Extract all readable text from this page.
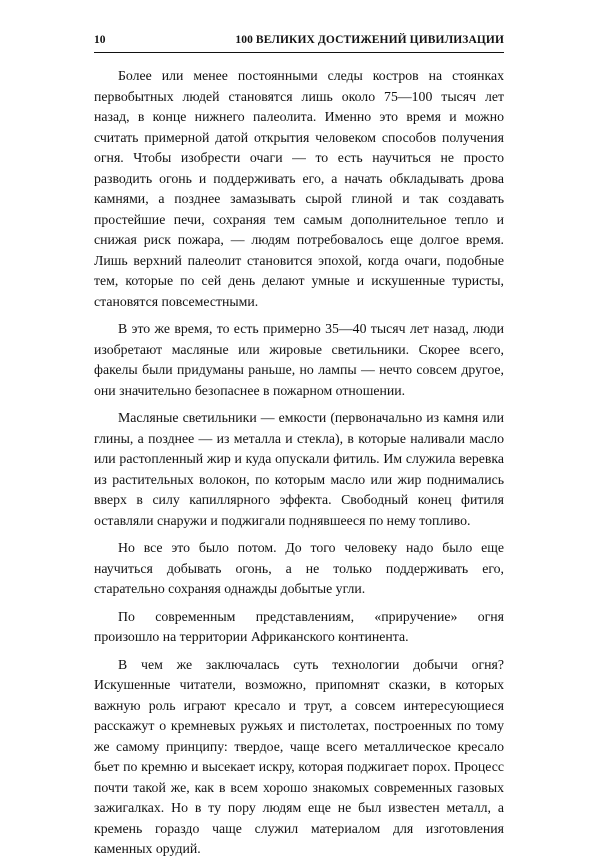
10	100 ВЕЛИКИХ ДОСТИЖЕНИЙ ЦИВИЛИЗАЦИИ

Более или менее постоянными следы костров на стоянках первобытных людей становятся лишь около 75—100 тысяч лет назад, в конце нижнего палеолита. Именно это время и можно считать примерной датой открытия человеком способов получения огня. Чтобы изобрести очаги — то есть научиться не просто разводить огонь и поддерживать его, а начать обкладывать дрова камнями, а позднее замазывать сырой глиной и так создавать простейшие печи, сохраняя тем самым дополнительное тепло и снижая риск пожара, — людям потребовалось еще долгое время. Лишь верхний палеолит становится эпохой, когда очаги, подобные тем, которые по сей день делают умные и искушенные туристы, становятся повсеместными.

В это же время, то есть примерно 35—40 тысяч лет назад, люди изобретают масляные или жировые светильники. Скорее всего, факелы были придуманы раньше, но лампы — нечто совсем другое, они значительно безопаснее в пожарном отношении.

Масляные светильники — емкости (первоначально из камня или глины, а позднее — из металла и стекла), в которые наливали масло или растопленный жир и куда опускали фитиль. Им служила веревка из растительных волокон, по которым масло или жир поднимались вверх в силу капиллярного эффекта. Свободный конец фитиля оставляли снаружи и поджигали поднявшееся по нему топливо.

Но все это было потом. До того человеку надо было еще научиться добывать огонь, а не только поддерживать его, старательно сохраняя однажды добытые угли.

По современным представлениям, «приручение» огня произошло на территории Африканского континента.

В чем же заключалась суть технологии добычи огня? Искушенные читатели, возможно, припомнят сказки, в которых важную роль играют кресало и трут, а совсем интересующиеся расскажут о кремневых ружьях и пистолетах, построенных по тому же самому принципу: твердое, чаще всего металлическое кресало бьет по кремню и высекает искру, которая поджигает порох. Процесс почти такой же, как в всем хорошо знакомых современных газовых зажигалках. Но в ту пору людям еще не был известен металл, а кремень гораздо чаще служил материалом для изготовления каменных орудий.
